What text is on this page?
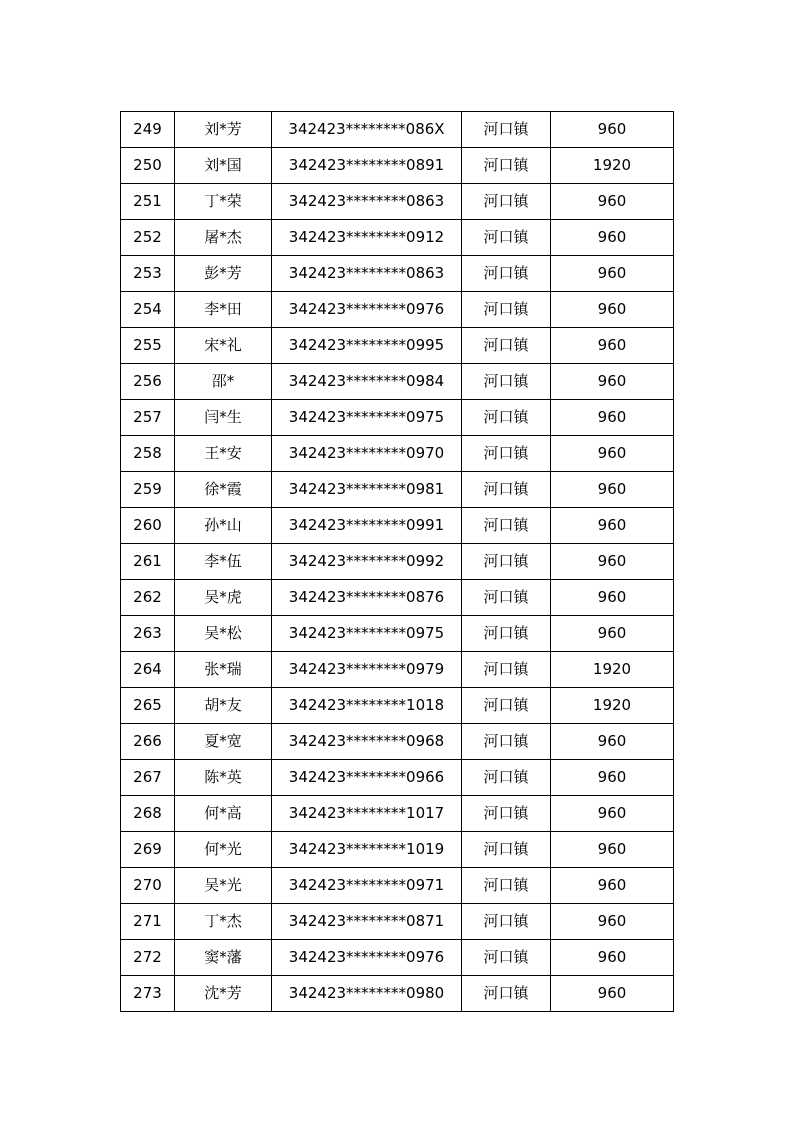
249	刘*芳	342423********086X	河口镇	960
250	刘*国	342423********0891	河口镇	1920
251	丁*荣	342423********0863	河口镇	960
252	屠*杰	342423********0912	河口镇	960
253	彭*芳	342423********0863	河口镇	960
254	李*田	342423********0976	河口镇	960
255	宋*礼	342423********0995	河口镇	960
256	邵*	342423********0984	河口镇	960
257	闫*生	342423********0975	河口镇	960
258	王*安	342423********0970	河口镇	960
259	徐*霞	342423********0981	河口镇	960
260	孙*山	342423********0991	河口镇	960
261	李*伍	342423********0992	河口镇	960
262	吴*虎	342423********0876	河口镇	960
263	吴*松	342423********0975	河口镇	960
264	张*瑞	342423********0979	河口镇	1920
265	胡*友	342423********1018	河口镇	1920
266	夏*宽	342423********0968	河口镇	960
267	陈*英	342423********0966	河口镇	960
268	何*高	342423********1017	河口镇	960
269	何*光	342423********1019	河口镇	960
270	吴*光	342423********0971	河口镇	960
271	丁*杰	342423********0871	河口镇	960
272	窦*藩	342423********0976	河口镇	960
273	沈*芳	342423********0980	河口镇	960
